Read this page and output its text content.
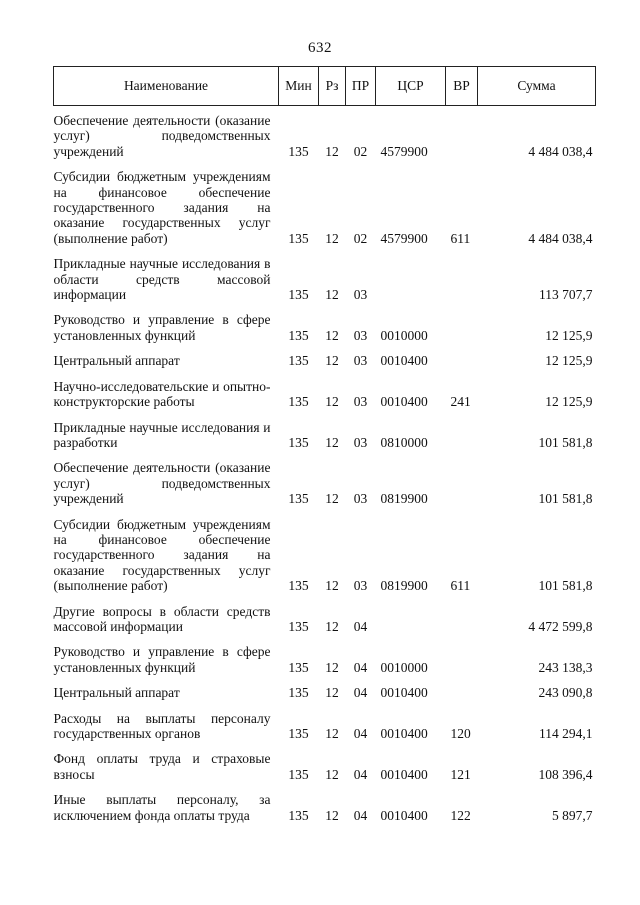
632
Наименование	Мин	Рз	ПР	ЦСР	ВР	Сумма
Обеспечение деятельности (оказание услуг) подведомственных учреждений	135	12	02	4579900		4 484 038,4
Субсидии бюджетным учреждениям на финансовое обеспечение государственного задания на оказание государственных услуг (выполнение работ)	135	12	02	4579900	611	4 484 038,4
Прикладные научные исследования в области средств массовой информации	135	12	03			113 707,7
Руководство и управление в сфере установленных функций	135	12	03	0010000		12 125,9
Центральный аппарат	135	12	03	0010400		12 125,9
Научно-исследовательские и опытно-конструкторские работы	135	12	03	0010400	241	12 125,9
Прикладные научные исследования и разработки	135	12	03	0810000		101 581,8
Обеспечение деятельности (оказание услуг) подведомственных учреждений	135	12	03	0819900		101 581,8
Субсидии бюджетным учреждениям на финансовое обеспечение государственного задания на оказание государственных услуг (выполнение работ)	135	12	03	0819900	611	101 581,8
Другие вопросы в области средств массовой информации	135	12	04			4 472 599,8
Руководство и управление в сфере установленных функций	135	12	04	0010000		243 138,3
Центральный аппарат	135	12	04	0010400		243 090,8
Расходы на выплаты персоналу государственных органов	135	12	04	0010400	120	114 294,1
Фонд оплаты труда и страховые взносы	135	12	04	0010400	121	108 396,4
Иные выплаты персоналу, за исключением фонда оплаты труда	135	12	04	0010400	122	5 897,7
